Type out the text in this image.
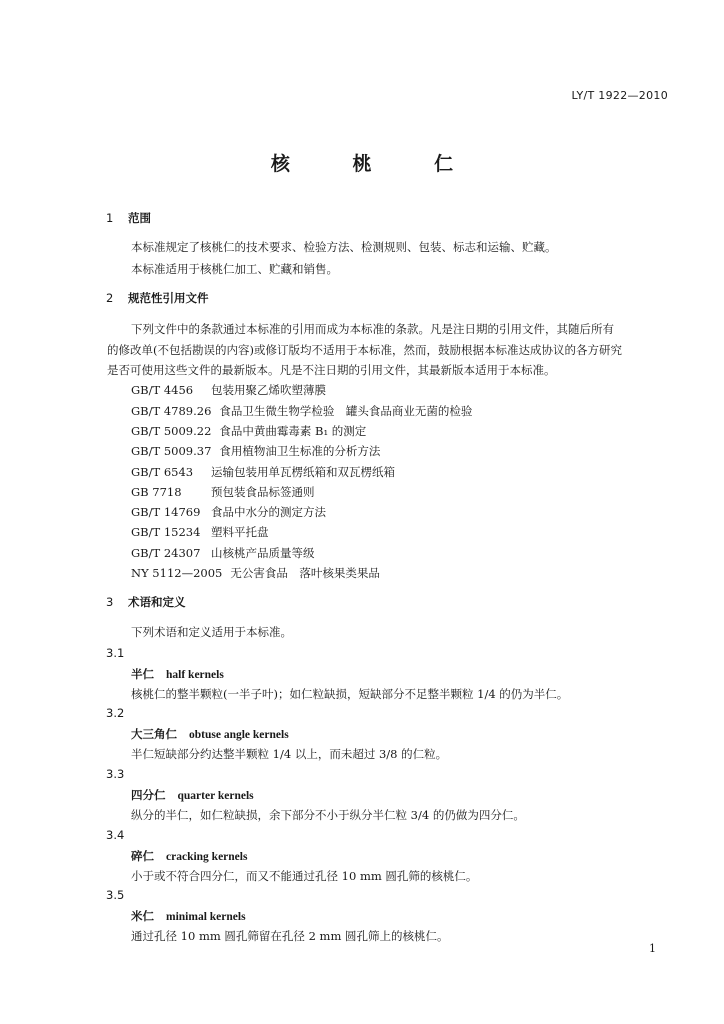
LY/T 1922—2010
核	桃	仁
1 范围
本标准规定了核桃仁的技术要求、检验方法、检测规则、包装、标志和运输、贮藏。
本标准适用于核桃仁加工、贮藏和销售。
2 规范性引用文件
下列文件中的条款通过本标准的引用而成为本标准的条款。凡是注日期的引用文件，其随后所有
的修改单(不包括勘误的内容)或修订版均不适用于本标准，然而，鼓励根据本标准达成协议的各方研究
是否可使用这些文件的最新版本。凡是不注日期的引用文件，其最新版本适用于本标准。
GB/T 4456 包装用聚乙烯吹塑薄膜
GB/T 4789.26 食品卫生微生物学检验　罐头食品商业无菌的检验
GB/T 5009.22 食品中黄曲霉毒素 B₁ 的测定
GB/T 5009.37 食用植物油卫生标准的分析方法
GB/T 6543 运输包装用单瓦楞纸箱和双瓦楞纸箱
GB 7718	预包装食品标签通则
GB/T 14769 食品中水分的测定方法
GB/T 15234 塑料平托盘
GB/T 24307 山核桃产品质量等级
NY 5112—2005 无公害食品　落叶核果类果品
3 术语和定义
下列术语和定义适用于本标准。
3.1
半仁 half kernels
核桃仁的整半颗粒(一半子叶)；如仁粒缺损，短缺部分不足整半颗粒 1/4 的仍为半仁。
3.2
大三角仁 obtuse angle kernels
半仁短缺部分约达整半颗粒 1/4 以上，而未超过 3/8 的仁粒。
3.3
四分仁 quarter kernels
纵分的半仁，如仁粒缺损，余下部分不小于纵分半仁粒 3/4 的仍做为四分仁。
3.4
碎仁 cracking kernels
小于或不符合四分仁，而又不能通过孔径 10 mm 圆孔筛的核桃仁。
3.5
米仁 minimal kernels
通过孔径 10 mm 圆孔筛留在孔径 2 mm 圆孔筛上的核桃仁。
1
